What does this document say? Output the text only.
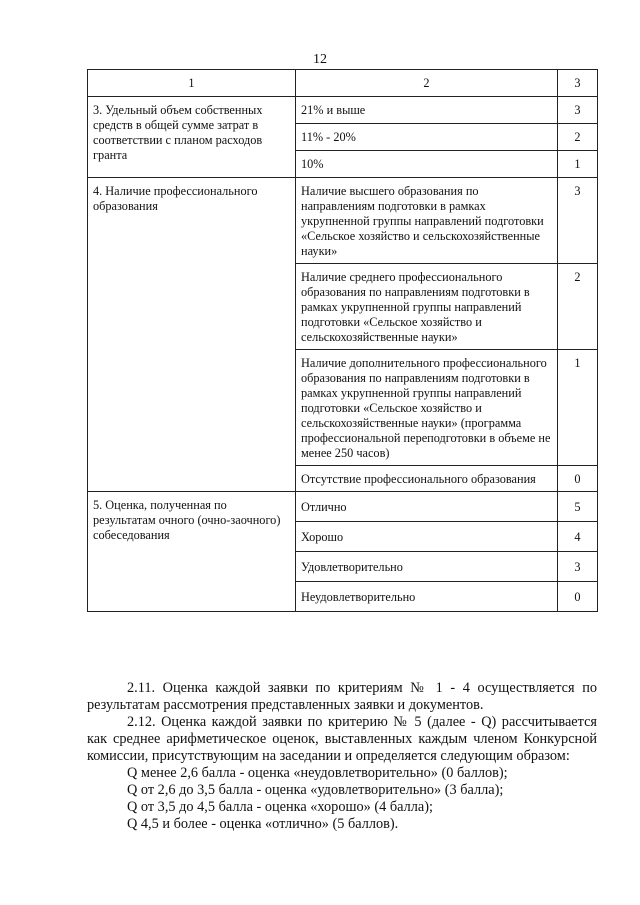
12
1	2	3
3. Удельный объем собственных средств в общей сумме затрат в соответствии с планом расходов гранта	21% и выше	3
	11% - 20%	2
	10%	1
4. Наличие профессионального образования	Наличие высшего образования по направлениям подготовки в рамках укрупненной группы направлений подготовки «Сельское хозяйство и сельскохозяйственные науки»	3
	Наличие среднего профессионального образования по направлениям подготовки в рамках укрупненной группы направлений подготовки «Сельское хозяйство и сельскохозяйственные науки»	2
	Наличие дополнительного профессионального образования по направлениям подготовки в рамках укрупненной группы направлений подготовки «Сельское хозяйство и сельскохозяйственные науки» (программа профессиональной переподготовки в объеме не менее 250 часов)	1
	Отсутствие профессионального образования	0
5. Оценка, полученная по результатам очного (очно-заочного) собеседования	Отлично	5
	Хорошо	4
	Удовлетворительно	3
	Неудовлетворительно	0

2.11. Оценка каждой заявки по критериям № 1 - 4 осуществляется по результатам рассмотрения представленных заявки и документов.

2.12. Оценка каждой заявки по критерию № 5 (далее - Q) рассчитывается как среднее арифметическое оценок, выставленных каждым членом Конкурсной комиссии, присутствующим на заседании и определяется следующим образом:

Q менее 2,6 балла - оценка «неудовлетворительно» (0 баллов);

Q от 2,6 до 3,5 балла - оценка «удовлетворительно» (3 балла);

Q от 3,5 до 4,5 балла - оценка «хорошо» (4 балла);

Q 4,5 и более - оценка «отлично» (5 баллов).
